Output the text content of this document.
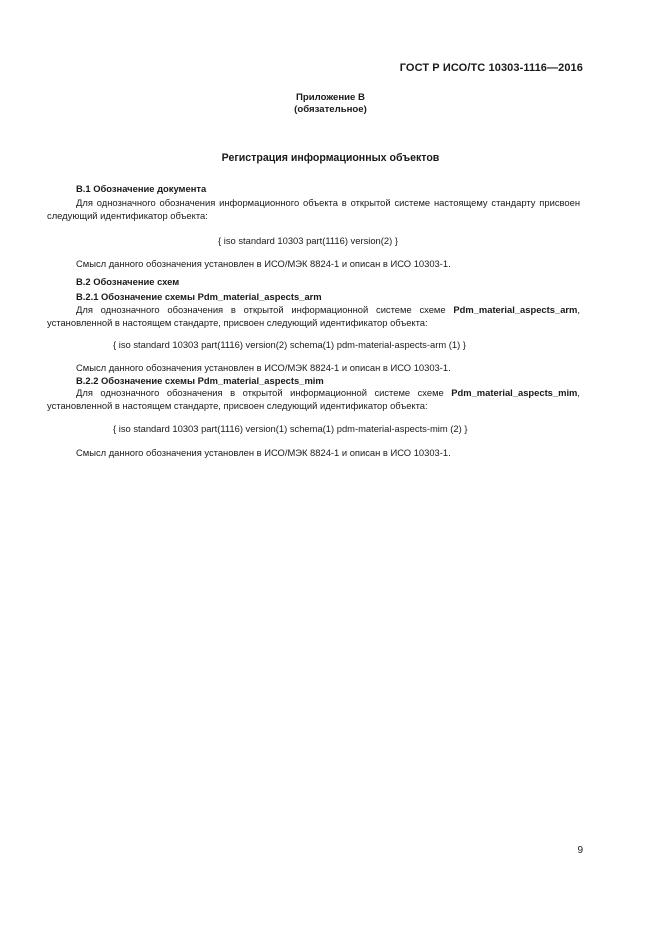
ГОСТ Р ИСО/ТС 10303-1116—2016
Приложение В
(обязательное)
Регистрация информационных объектов
В.1 Обозначение документа
Для однозначного обозначения информационного объекта в открытой системе настоящему стандарту присвоен следующий идентификатор объекта:
{ iso standard 10303 part(1116) version(2) }
Смысл данного обозначения установлен в ИСО/МЭК 8824-1 и описан в ИСО 10303-1.
В.2 Обозначение схем
В.2.1 Обозначение схемы Pdm_material_aspects_arm
Для однозначного обозначения в открытой информационной системе схеме Pdm_material_aspects_arm, установленной в настоящем стандарте, присвоен следующий идентификатор объекта:
{ iso standard 10303 part(1116) version(2) schema(1) pdm-material-aspects-arm (1) }
Смысл данного обозначения установлен в ИСО/МЭК 8824-1 и описан в ИСО 10303-1.
В.2.2 Обозначение схемы Pdm_material_aspects_mim
Для однозначного обозначения в открытой информационной системе схеме Pdm_material_aspects_mim, установленной в настоящем стандарте, присвоен следующий идентификатор объекта:
{ iso standard 10303 part(1116) version(1) schema(1) pdm-material-aspects-mim (2) }
Смысл данного обозначения установлен в ИСО/МЭК 8824-1 и описан в ИСО 10303-1.
9
